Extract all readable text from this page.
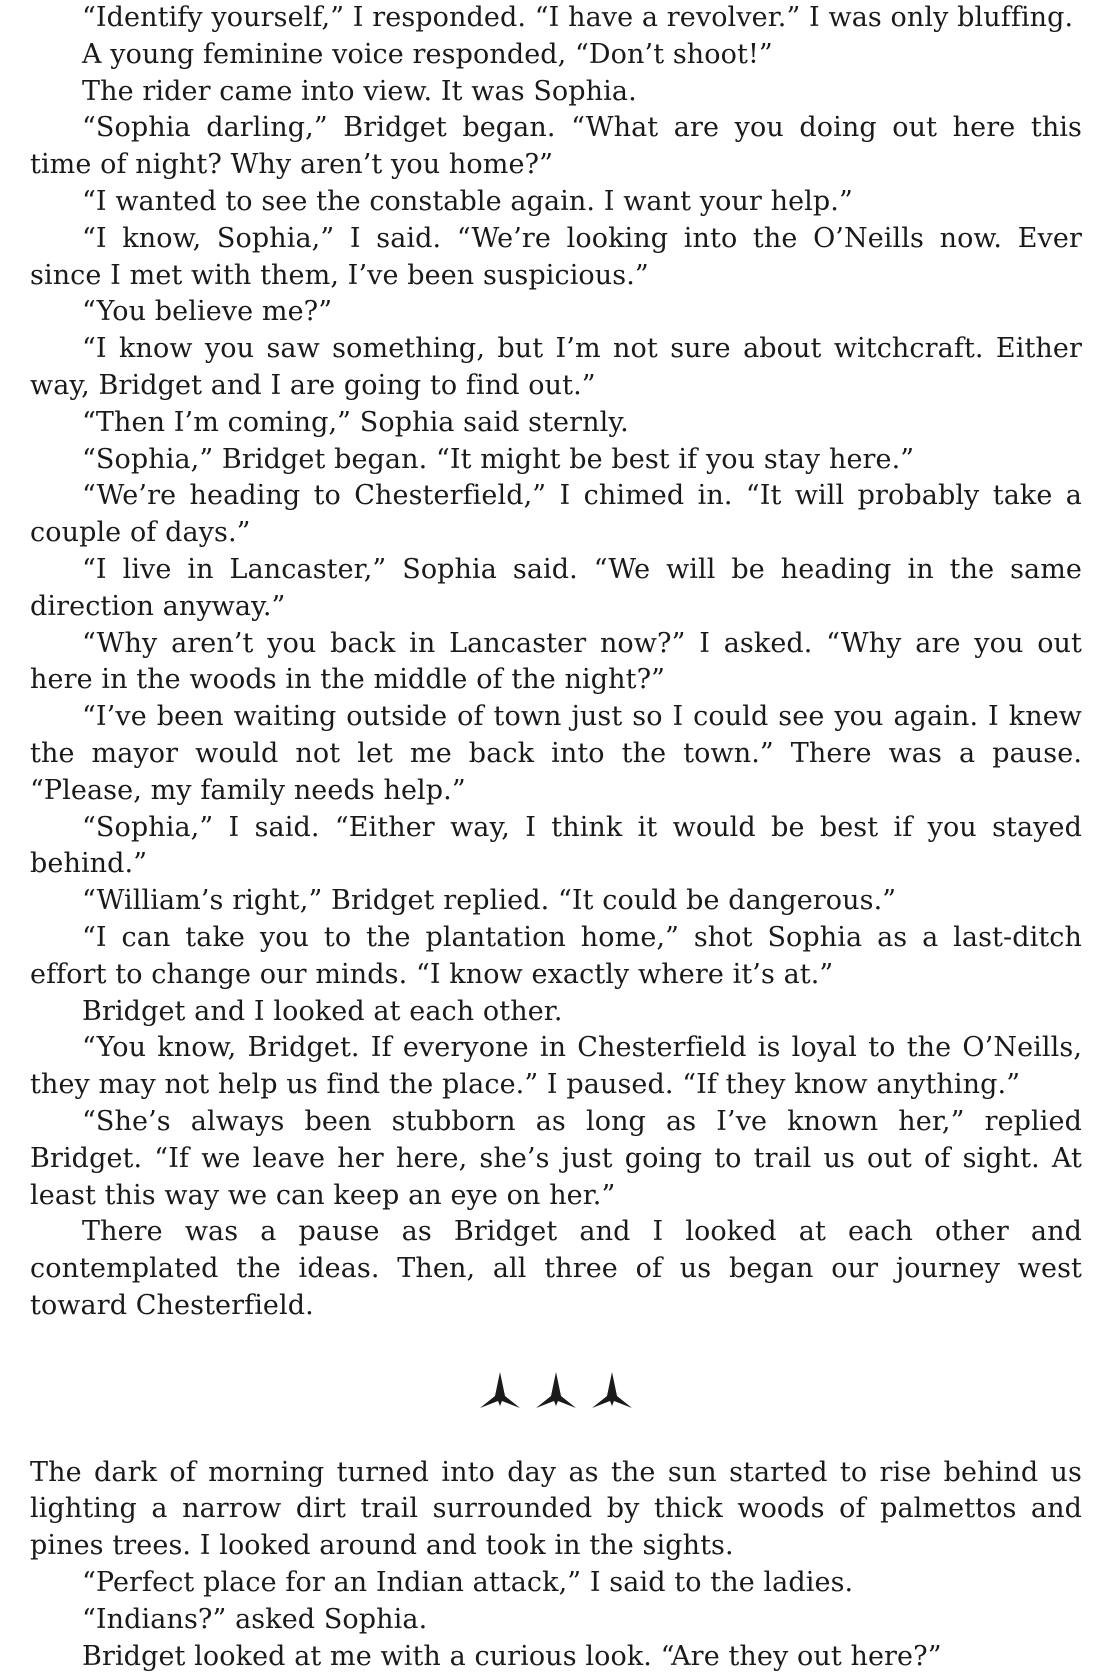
“Identify yourself,” I responded. “I have a revolver.” I was only bluffing.

A young feminine voice responded, “Don’t shoot!”

The rider came into view. It was Sophia.

“Sophia darling,” Bridget began. “What are you doing out here this time of night? Why aren’t you home?”

“I wanted to see the constable again. I want your help.”

“I know, Sophia,” I said. “We’re looking into the O’Neills now. Ever since I met with them, I’ve been suspicious.”

“You believe me?”

“I know you saw something, but I’m not sure about witchcraft. Either way, Bridget and I are going to find out.”

“Then I’m coming,” Sophia said sternly.

“Sophia,” Bridget began. “It might be best if you stay here.”

“We’re heading to Chesterfield,” I chimed in. “It will probably take a couple of days.”

“I live in Lancaster,” Sophia said. “We will be heading in the same direction anyway.”

“Why aren’t you back in Lancaster now?” I asked. “Why are you out here in the woods in the middle of the night?”

“I’ve been waiting outside of town just so I could see you again. I knew the mayor would not let me back into the town.” There was a pause. “Please, my family needs help.”

“Sophia,” I said. “Either way, I think it would be best if you stayed behind.”

“William’s right,” Bridget replied. “It could be dangerous.”

“I can take you to the plantation home,” shot Sophia as a last-ditch effort to change our minds. “I know exactly where it’s at.”

Bridget and I looked at each other.

“You know, Bridget. If everyone in Chesterfield is loyal to the O’Neills, they may not help us find the place.” I paused. “If they know anything.”

“She’s always been stubborn as long as I’ve known her,” replied Bridget. “If we leave her here, she’s just going to trail us out of sight. At least this way we can keep an eye on her.”

There was a pause as Bridget and I looked at each other and contemplated the ideas. Then, all three of us began our journey west toward Chesterfield.

The dark of morning turned into day as the sun started to rise behind us lighting a narrow dirt trail surrounded by thick woods of palmettos and pines trees. I looked around and took in the sights.

“Perfect place for an Indian attack,” I said to the ladies.

“Indians?” asked Sophia.

Bridget looked at me with a curious look. “Are they out here?”
